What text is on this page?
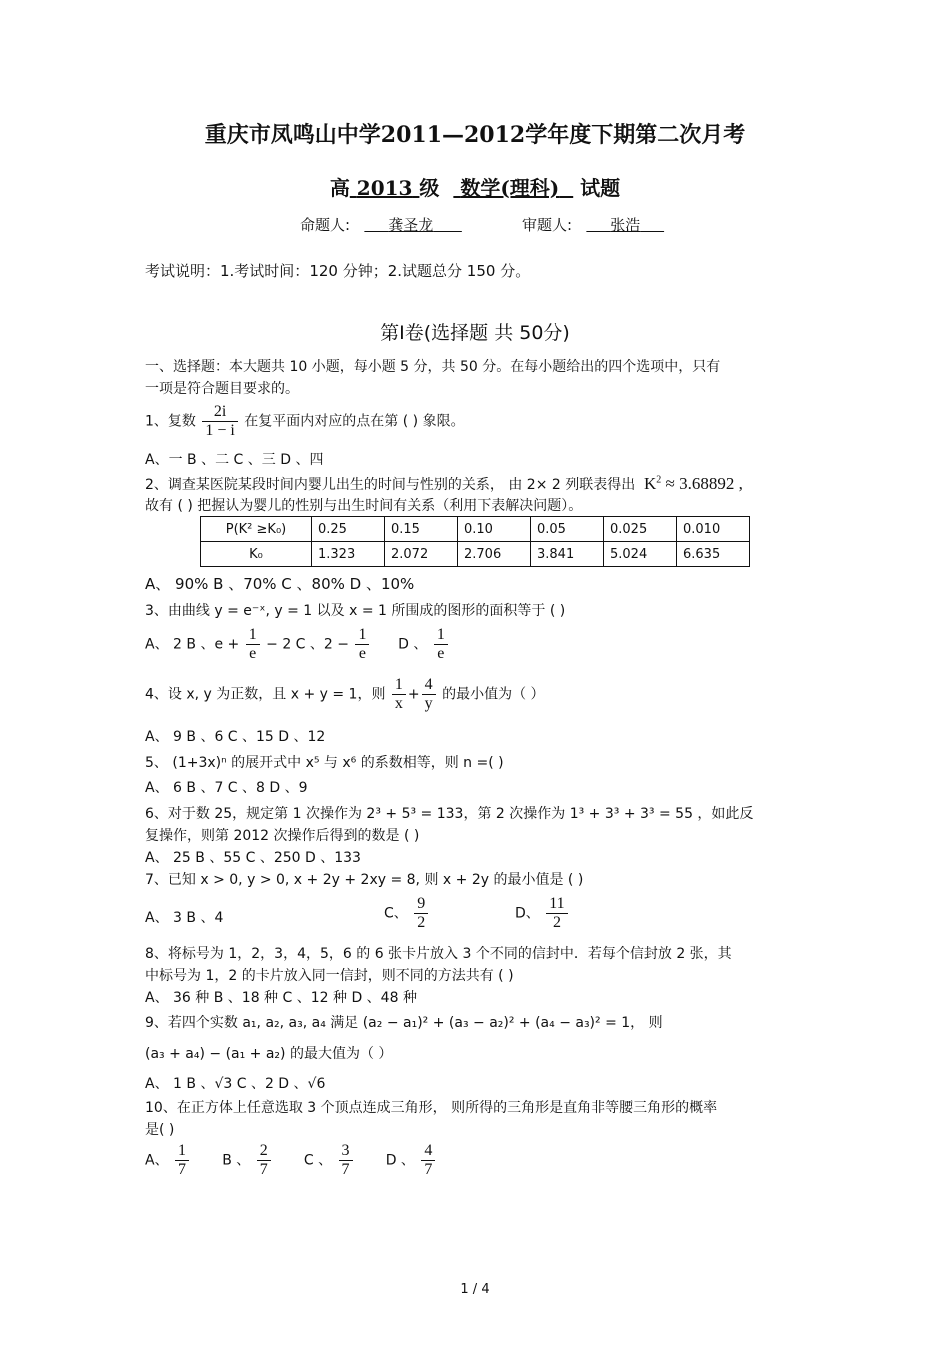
重庆市凤鸣山中学2011—2012学年度下期第二次月考
高 2013 级 数学(理科) 试题
命题人:	龚圣龙	审题人:	张浩
考试说明：1.考试时间：120 分钟；2.试题总分 150 分。
第Ⅰ卷(选择题 共 50分)
一、选择题：本大题共 10 小题，每小题 5 分，共 50 分。在每小题给出的四个选项中，只有
一项是符合题目要求的。
1、复数 $\frac{2i}{1 - i}$ 在复平面内对应的点在第 ( ) 象限。
A、一 B 、二 C 、三 D 、四
2、调查某医院某段时间内婴儿出生的时间与性别的关系， 由 2× 2 列联表得出 $K^2 \approx 3.68892$ ,
故有 ( ) 把握认为婴儿的性别与出生时间有关系（利用下表解决问题）。
P(K² ≥K₀)	0.25	0.15	0.10	0.05	0.025	0.010
K₀	1.323	2.072	2.706	3.841	5.024	6.635
A、 90% B 、70% C 、80% D 、10%
3、由曲线 y = e⁻ˣ, y = 1 以及 x = 1 所围成的图形的面积等于 ( )
A、 2 B 、$e + \frac{1}{e} - 2$ C 、$2 - \frac{1}{e}$ D 、 $\frac{1}{e}$
4、设 x, y 为正数，且 x + y = 1，则 $\frac{1}{x} + \frac{4}{y}$ 的最小值为（ ）
A、 9 B 、6 C 、15 D 、12
5、 (1+3x)ⁿ 的展开式中 x⁵ 与 x⁶ 的系数相等，则 n =( )
A、 6 B 、7 C 、8 D 、9
6、对于数 25，规定第 1 次操作为 2³ + 5³ = 133，第 2 次操作为 1³ + 3³ + 3³ = 55 ，如此反
复操作，则第 2012 次操作后得到的数是 ( )
A、 25 B 、55 C 、250 D 、133
7、已知 x > 0, y > 0, x + 2y + 2xy = 8, 则 x + 2y 的最小值是 ( )
A、 3 B 、4	C、 $\frac{9}{2}$	D、 $\frac{11}{2}$
8、将标号为 1，2，3，4，5，6 的 6 张卡片放入 3 个不同的信封中．若每个信封放 2 张，其
中标号为 1，2 的卡片放入同一信封，则不同的方法共有 ( )
A、 36 种 B 、18 种 C 、12 种 D 、48 种
9、若四个实数 a₁, a₂, a₃, a₄ 满足 (a₂ − a₁)² + (a₃ − a₂)² + (a₄ − a₃)² = 1， 则
(a₃ + a₄) − (a₁ + a₂) 的最大值为（ ）
A、 1 B 、√3 C 、2 D 、√6
10、在正方体上任意选取 3 个顶点连成三角形， 则所得的三角形是直角非等腰三角形的概率
是( )
A、 $\frac{1}{7}$ B 、 $\frac{2}{7}$ C 、 $\frac{3}{7}$ D 、 $\frac{4}{7}$
1 / 4
